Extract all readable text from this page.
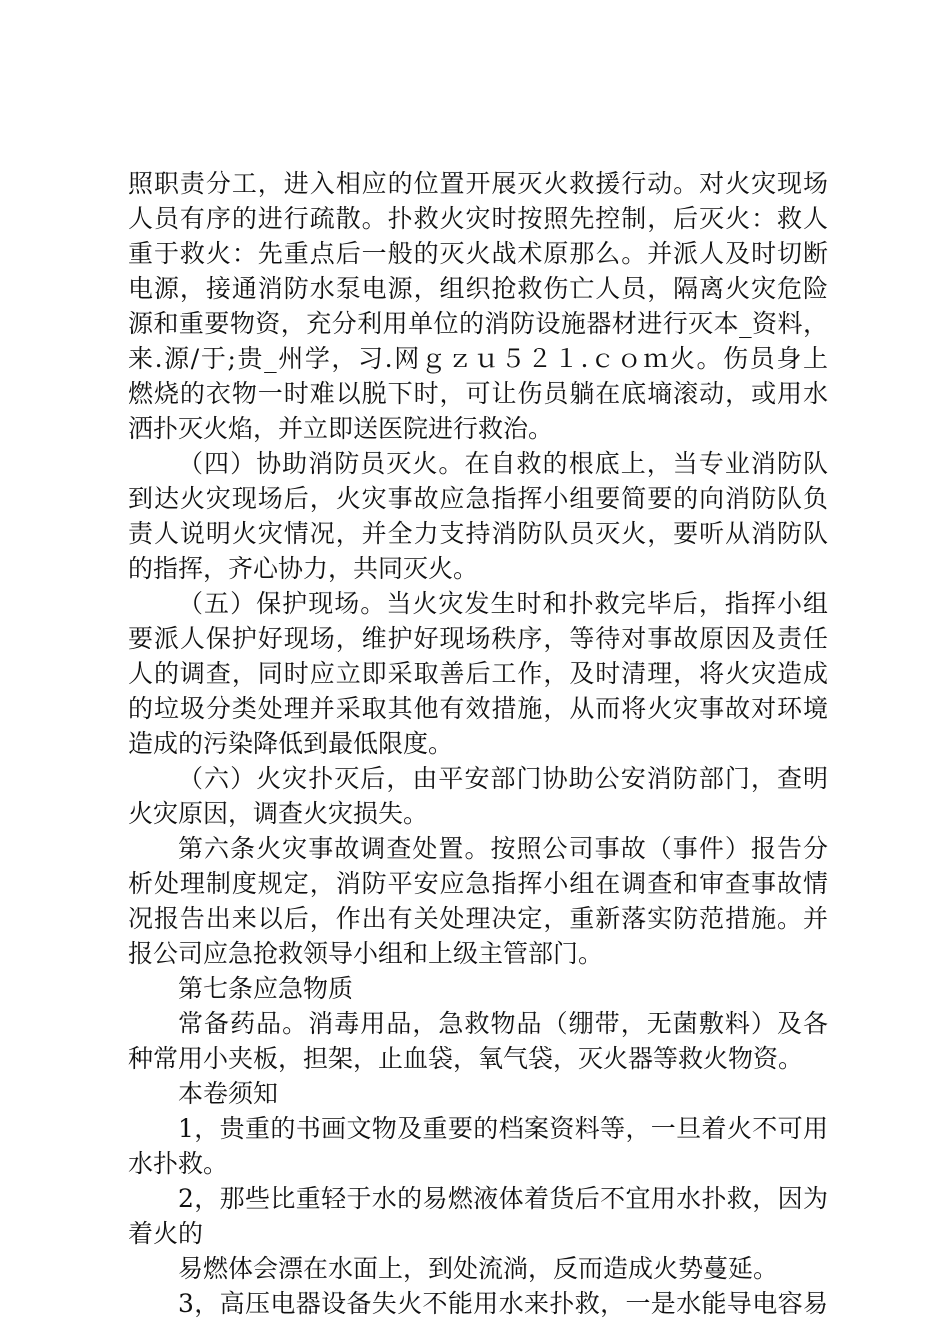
照职责分工，进入相应的位置开展灭火救援行动。对火灾现场
人员有序的进行疏散。扑救火灾时按照先控制，后灭火：救人
重于救火：先重点后一般的灭火战术原那么。并派人及时切断
电源，接通消防水泵电源，组织抢救伤亡人员，隔离火灾危险
源和重要物资，充分利用单位的消防设施器材进行灭本_资料，
来.源/于;贵_州学，习.网ｇｚｕ５２１.ｃｏｍ火。伤员身上
燃烧的衣物一时难以脱下时，可让伤员躺在底墒滚动，或用水
洒扑灭火焰，并立即送医院进行救治。
（四）协助消防员灭火。在自救的根底上，当专业消防队
到达火灾现场后，火灾事故应急指挥小组要简要的向消防队负
责人说明火灾情况，并全力支持消防队员灭火，要听从消防队
的指挥，齐心协力，共同灭火。
（五）保护现场。当火灾发生时和扑救完毕后，指挥小组
要派人保护好现场，维护好现场秩序，等待对事故原因及责任
人的调查，同时应立即采取善后工作，及时清理，将火灾造成
的垃圾分类处理并采取其他有效措施，从而将火灾事故对环境
造成的污染降低到最低限度。
（六）火灾扑灭后，由平安部门协助公安消防部门，查明
火灾原因，调查火灾损失。
第六条火灾事故调查处置。按照公司事故（事件）报告分
析处理制度规定，消防平安应急指挥小组在调查和审查事故情
况报告出来以后，作出有关处理决定，重新落实防范措施。并
报公司应急抢救领导小组和上级主管部门。
第七条应急物质
常备药品。消毒用品，急救物品（绷带，无菌敷料）及各
种常用小夹板，担架，止血袋，氧气袋，灭火器等救火物资。
本卷须知
1，贵重的书画文物及重要的档案资料等，一旦着火不可用
水扑救。
2，那些比重轻于水的易燃液体着货后不宜用水扑救，因为
着火的
易燃体会漂在水面上，到处流淌，反而造成火势蔓延。
3，高压电器设备失火不能用水来扑救，一是水能导电容易
